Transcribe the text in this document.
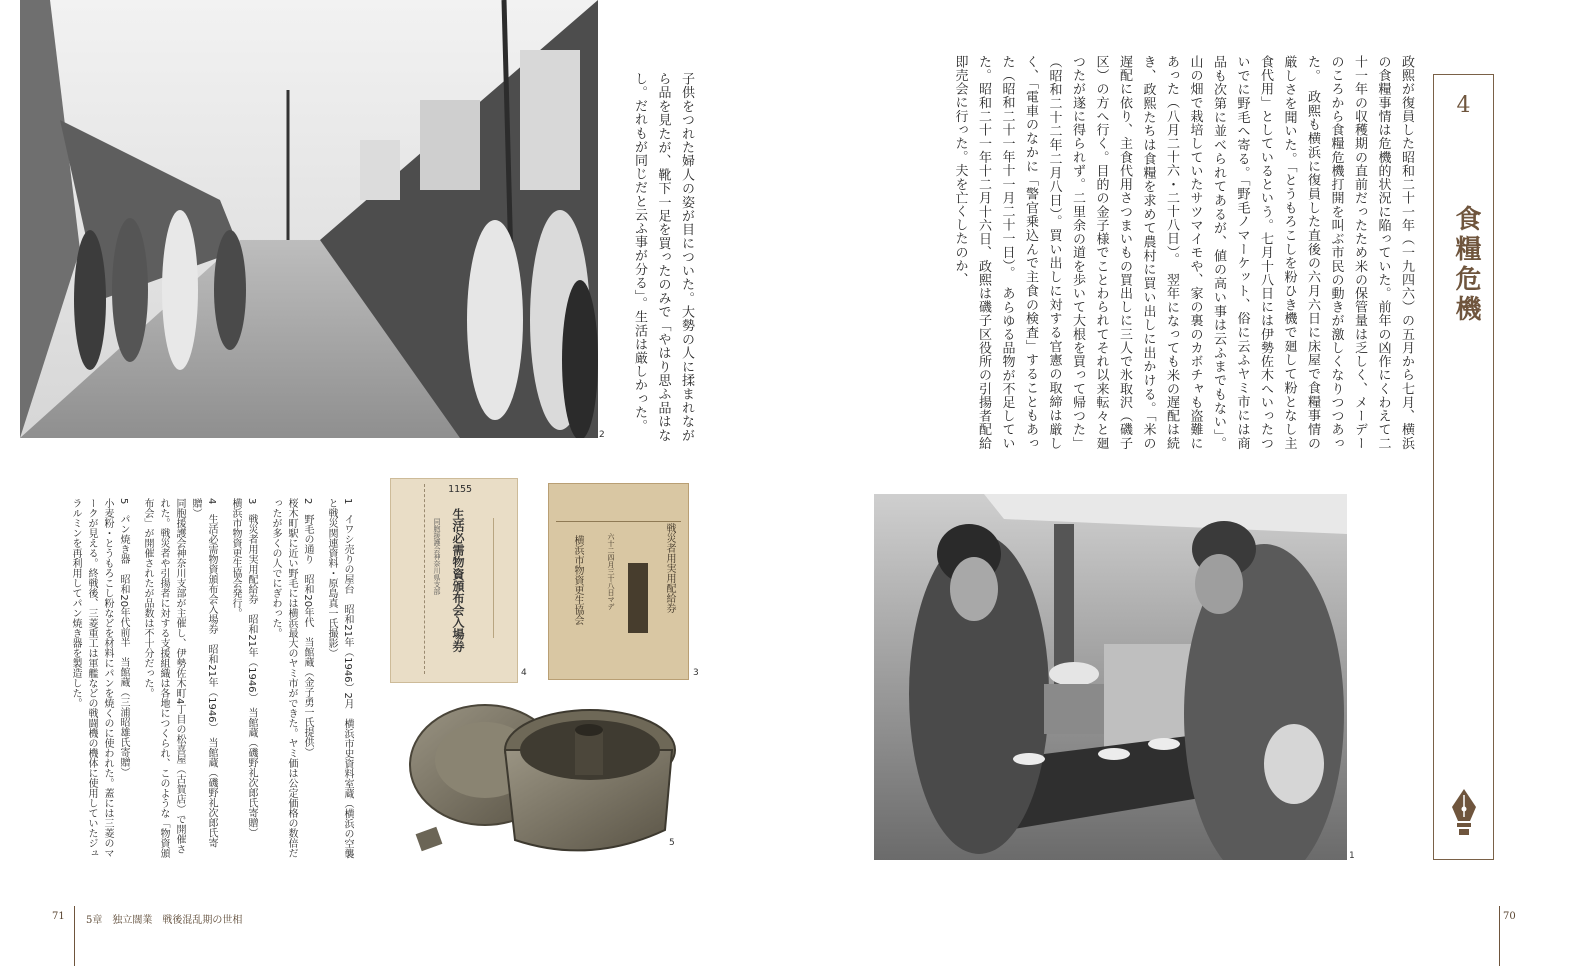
2	子供をつれた婦人の姿が目についた。大勢の人に揉まれながら品を見たが、靴下一足を買ったのみで「やはり思ふ品はなし。だれもが同じだと云ふ事が分る」。生活は厳しかった。
1　イワシ売りの屋台　昭和21年（1946）2月　横浜市史資料室蔵（横浜の空襲と戦災関連資料・原島真一氏撮影） 2　野毛の通り　昭和20年代　当館蔵（金子勇一氏提供）
桜木町駅に近い野毛には横浜最大のヤミ市ができた。ヤミ価は公定価格の数倍だったが多くの人でにぎわった。 3　戦災者用実用配給券　昭和21年（1946）　当館蔵（磯野礼次郎氏寄贈）
横浜市物資更生協会発行。 4　生活必需物資頒布会入場券　昭和21年（1946）　当館蔵（磯野礼次郎氏寄贈）
同胞援護会神奈川支部が主催し、伊勢佐木町4丁目の松喜屋（古賀店）で開催された。戦災者や引揚者に対する支援組織は各地につくられ、このような「物資頒布会」が開催されたが品数は不十分だった。 5　パン焼き器　昭和20年代前半　当館蔵（三浦昭雄氏寄贈）
小麦粉・とうもろこし粉などを材料にパンを焼くのに使われた。蓋には三菱のマークが見える。終戦後、三菱重工は軍艦などの戦闘機の機体に使用していたジュラルミンを再利用してパン焼き器を製造した。
1155
生活必需物資頒布会入場券
同胞援護会神奈川県支部
4
戦災者用実用配給券
六十二四月三十八日マデ
横浜市物資更生協会
3
5
政熙が復員した昭和二十一年（一九四六）の五月から七月、横浜の食糧事情は危機的状況に陥っていた。前年の凶作にくわえて二十一年の収穫期の直前だったため米の保管量は乏しく、メーデーのころから食糧危機打開を叫ぶ市民の動きが激しくなりつつあった。　政熙も横浜に復員した直後の六月六日に床屋で食糧事情の厳しさを聞いた。「とうもろこしを粉ひき機で廻して粉となし主食代用」としているという。七月十八日には伊勢佐木へいったついでに野毛へ寄る。「野毛ノマーケット、俗に云ふヤミ市には商品も次第に並べられてあるが、値の高い事は云ふまでもない」。山の畑で栽培していたサツマイモや、家の裏のカボチャも盗難にあった（八月二十六・二十八日）。　翌年になっても米の遅配は続き、政熙たちは食糧を求めて農村に買い出しに出かける。「米の遅配に依り、主食代用さつまいもの買出しに三人で氷取沢（磯子区）の方へ行く。目的の金子様でことわられてそれ以来転々と廻つたが遂に得られず。二里余の道を歩いて大根を買って帰つた」（昭和二十二年二月八日）。買い出しに対する官憲の取締は厳しく、「電車のなかに「警官乗込んで主食の検査」することもあった（昭和二十一年十一月二十一日）。　あらゆる品物が不足していた。昭和二十一年十二月十六日、政熙は磯子区役所の引揚者配給即売会に行った。夫を亡くしたのか、
1
4
食糧危機
71 5章　独立闊業　戦後混乱期の世相	70
